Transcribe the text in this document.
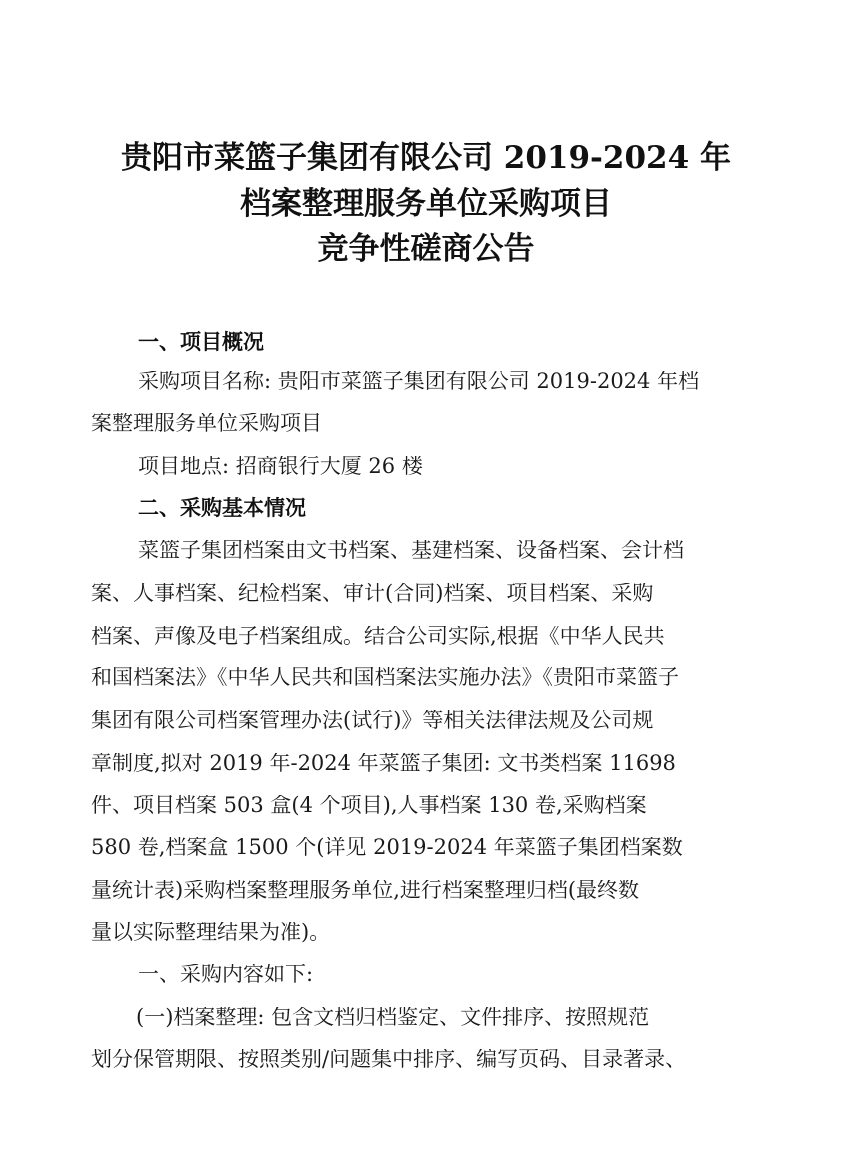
贵阳市菜篮子集团有限公司 2019-2024 年
档案整理服务单位采购项目
竞争性磋商公告
一、项目概况
采购项目名称: 贵阳市菜篮子集团有限公司 2019-2024 年档
案整理服务单位采购项目
项目地点: 招商银行大厦 26 楼
二、采购基本情况
菜篮子集团档案由文书档案、基建档案、设备档案、会计档
案、人事档案、纪检档案、审计(合同)档案、项目档案、采购
档案、声像及电子档案组成。结合公司实际,根据《中华人民共
和国档案法》《中华人民共和国档案法实施办法》《贵阳市菜篮子
集团有限公司档案管理办法(试行)》等相关法律法规及公司规
章制度,拟对 2019 年-2024 年菜篮子集团: 文书类档案 11698
件、项目档案 503 盒(4 个项目),人事档案 130 卷,采购档案
580 卷,档案盒 1500 个(详见 2019-2024 年菜篮子集团档案数
量统计表)采购档案整理服务单位,进行档案整理归档(最终数
量以实际整理结果为准)。
一、采购内容如下:
(一)档案整理: 包含文档归档鉴定、文件排序、按照规范
划分保管期限、按照类别/问题集中排序、编写页码、目录著录、
